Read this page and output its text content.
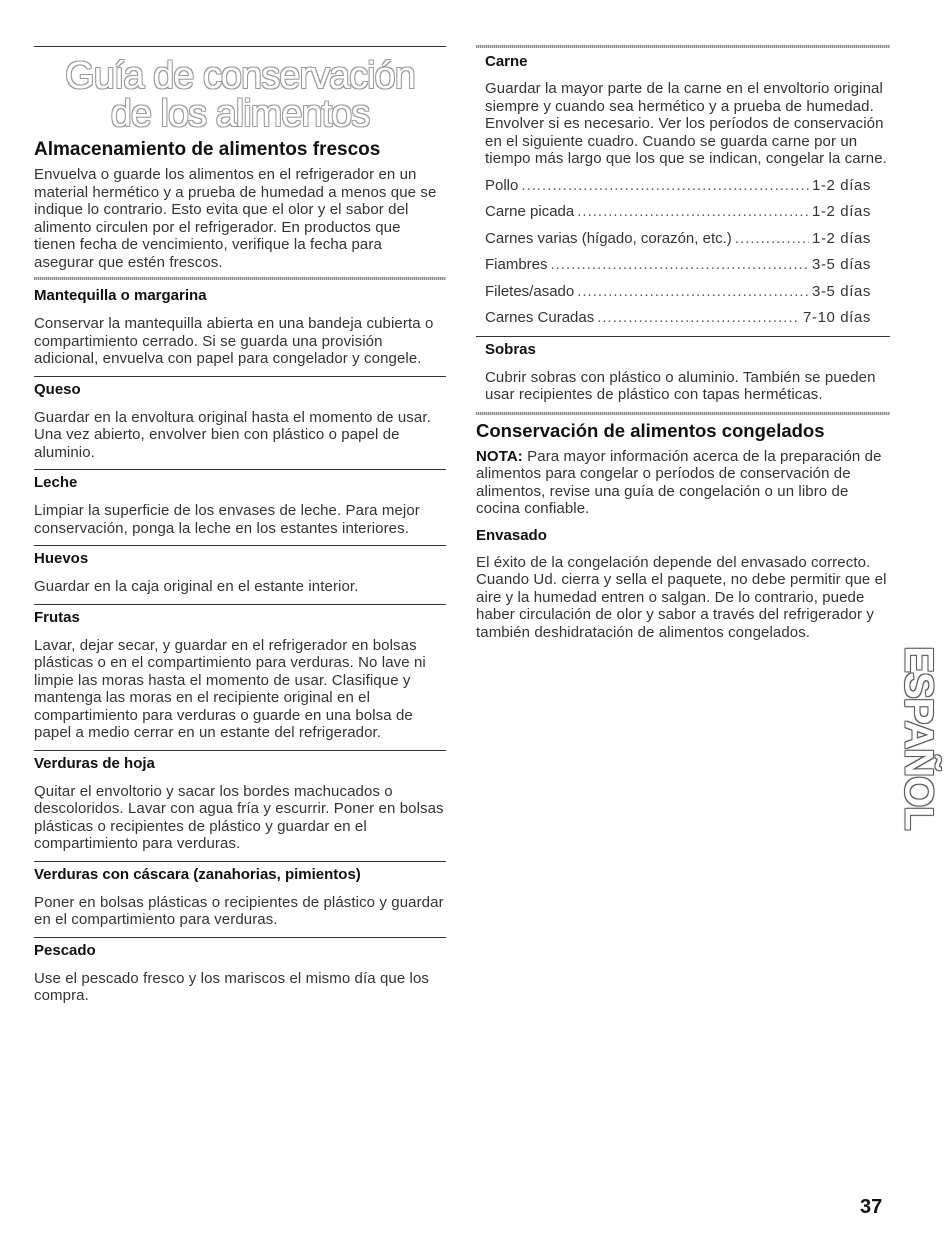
Guía de conservación
de los alimentos
Almacenamiento de alimentos frescos

Envuelva o guarde los alimentos en el refrigerador en un material hermético y a prueba de humedad a menos que se indique lo contrario. Esto evita que el olor y el sabor del alimento circulen por el refrigerador. En productos que tienen fecha de vencimiento, verifique la fecha para asegurar que estén frescos.

Mantequilla o margarina

Conservar la mantequilla abierta en una bandeja cubierta o compartimiento cerrado. Si se guarda una provisión adicional, envuelva con papel para congelador y congele.

Queso

Guardar en la envoltura original hasta el momento de usar. Una vez abierto, envolver bien con plástico o papel de aluminio.

Leche

Limpiar la superficie de los envases de leche. Para mejor conservación, ponga la leche en los estantes interiores.

Huevos

Guardar en la caja original en el estante interior.

Frutas

Lavar, dejar secar, y guardar en el refrigerador en bolsas plásticas o en el compartimiento para verduras. No lave ni limpie las moras hasta el momento de usar. Clasifique y mantenga las moras en el recipiente original en el compartimiento para verduras o guarde en una bolsa de papel a medio cerrar en un estante del refrigerador.

Verduras de hoja

Quitar el envoltorio y sacar los bordes machucados o descoloridos. Lavar con agua fría y escurrir. Poner en bolsas plásticas o recipientes de plástico y guardar en el compartimiento para verduras.

Verduras con cáscara (zanahorias, pimientos)

Poner en bolsas plásticas o recipientes de plástico y guardar en el compartimiento para verduras.

Pescado

Use el pescado fresco y los mariscos el mismo día que los compra.

Carne

Guardar la mayor parte de la carne en el envoltorio original siempre y cuando sea hermético y a prueba de humedad. Envolver si es necesario. Ver los períodos de conservación en el siguiente cuadro. Cuando se guarda carne por un tiempo más largo que los que se indican, congelar la carne.

Pollo .....	1-2 días
Carne picada .....	1-2 días
Carnes varias (hígado, corazón, etc.) .....	1-2 días
Fiambres .....	3-5 días
Filetes/asado .....	3-5 días
Carnes Curadas .....	7-10 días
Sobras

Cubrir sobras con plástico o aluminio. También se pueden usar recipientes de plástico con tapas herméticas.

Conservación de alimentos congelados

NOTA: Para mayor información acerca de la preparación de alimentos para congelar o períodos de conservación de alimentos, revise una guía de congelación o un libro de cocina confiable.

Envasado

El éxito de la congelación depende del envasado correcto. Cuando Ud. cierra y sella el paquete, no debe permitir que el aire y la humedad entren o salgan. De lo contrario, puede haber circulación de olor y sabor a través del refrigerador y también deshidratación de alimentos congelados.

ESPAÑOL
37
